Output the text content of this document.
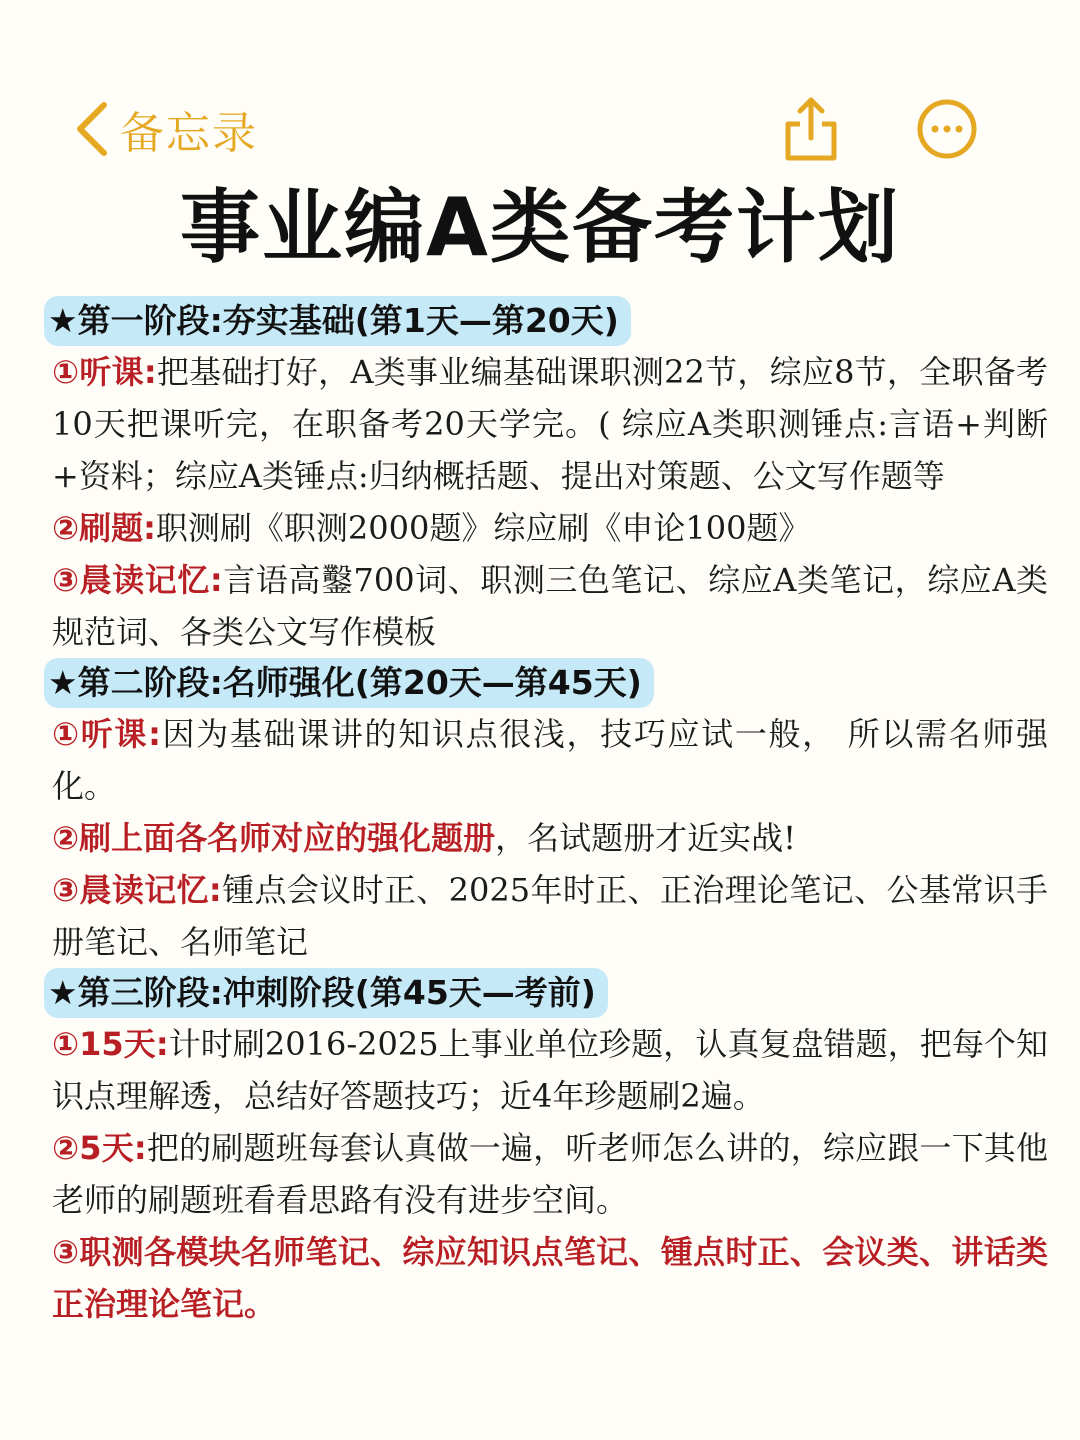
备忘录
事业编A类备考计划
★第一阶段:夯实基础(第1天—第20天)

①听课:把基础打好，A类事业编基础课职测22节，综应8节，全职备考10天把课听完，在职备考20天学完。( 综应A类职测锤点:言语+判断+资料；综应A类锤点:归纳概括题、提出对策题、公文写作题等

②刷题:职测刷《职测2000题》综应刷《申论100题》

③晨读记忆:言语高鑿700词、职测三色笔记、综应A类笔记，综应A类规范词、各类公文写作模板

★第二阶段:名师强化(第20天—第45天)

①听课:因为基础课讲的知识点很浅，技巧应试一般， 所以需名师强化。

②刷上面各名师对应的强化题册，名试题册才近实战!

③晨读记忆:锺点会议时正、2025年时正、正治理论笔记、公基常识手册笔记、名师笔记

★第三阶段:冲刺阶段(第45天—考前)

①15天:计时刷2016-2025上事业单位珍题，认真复盘错题，把每个知识点理解透，总结好答题技巧；近4年珍题刷2遍。

②5天:把的刷题班每套认真做一遍，听老师怎么讲的，综应跟一下其他老师的刷题班看看思路有没有进步空间。

③职测各模块名师笔记、综应知识点笔记、锺点时正、会议类、讲话类正治理论笔记。
